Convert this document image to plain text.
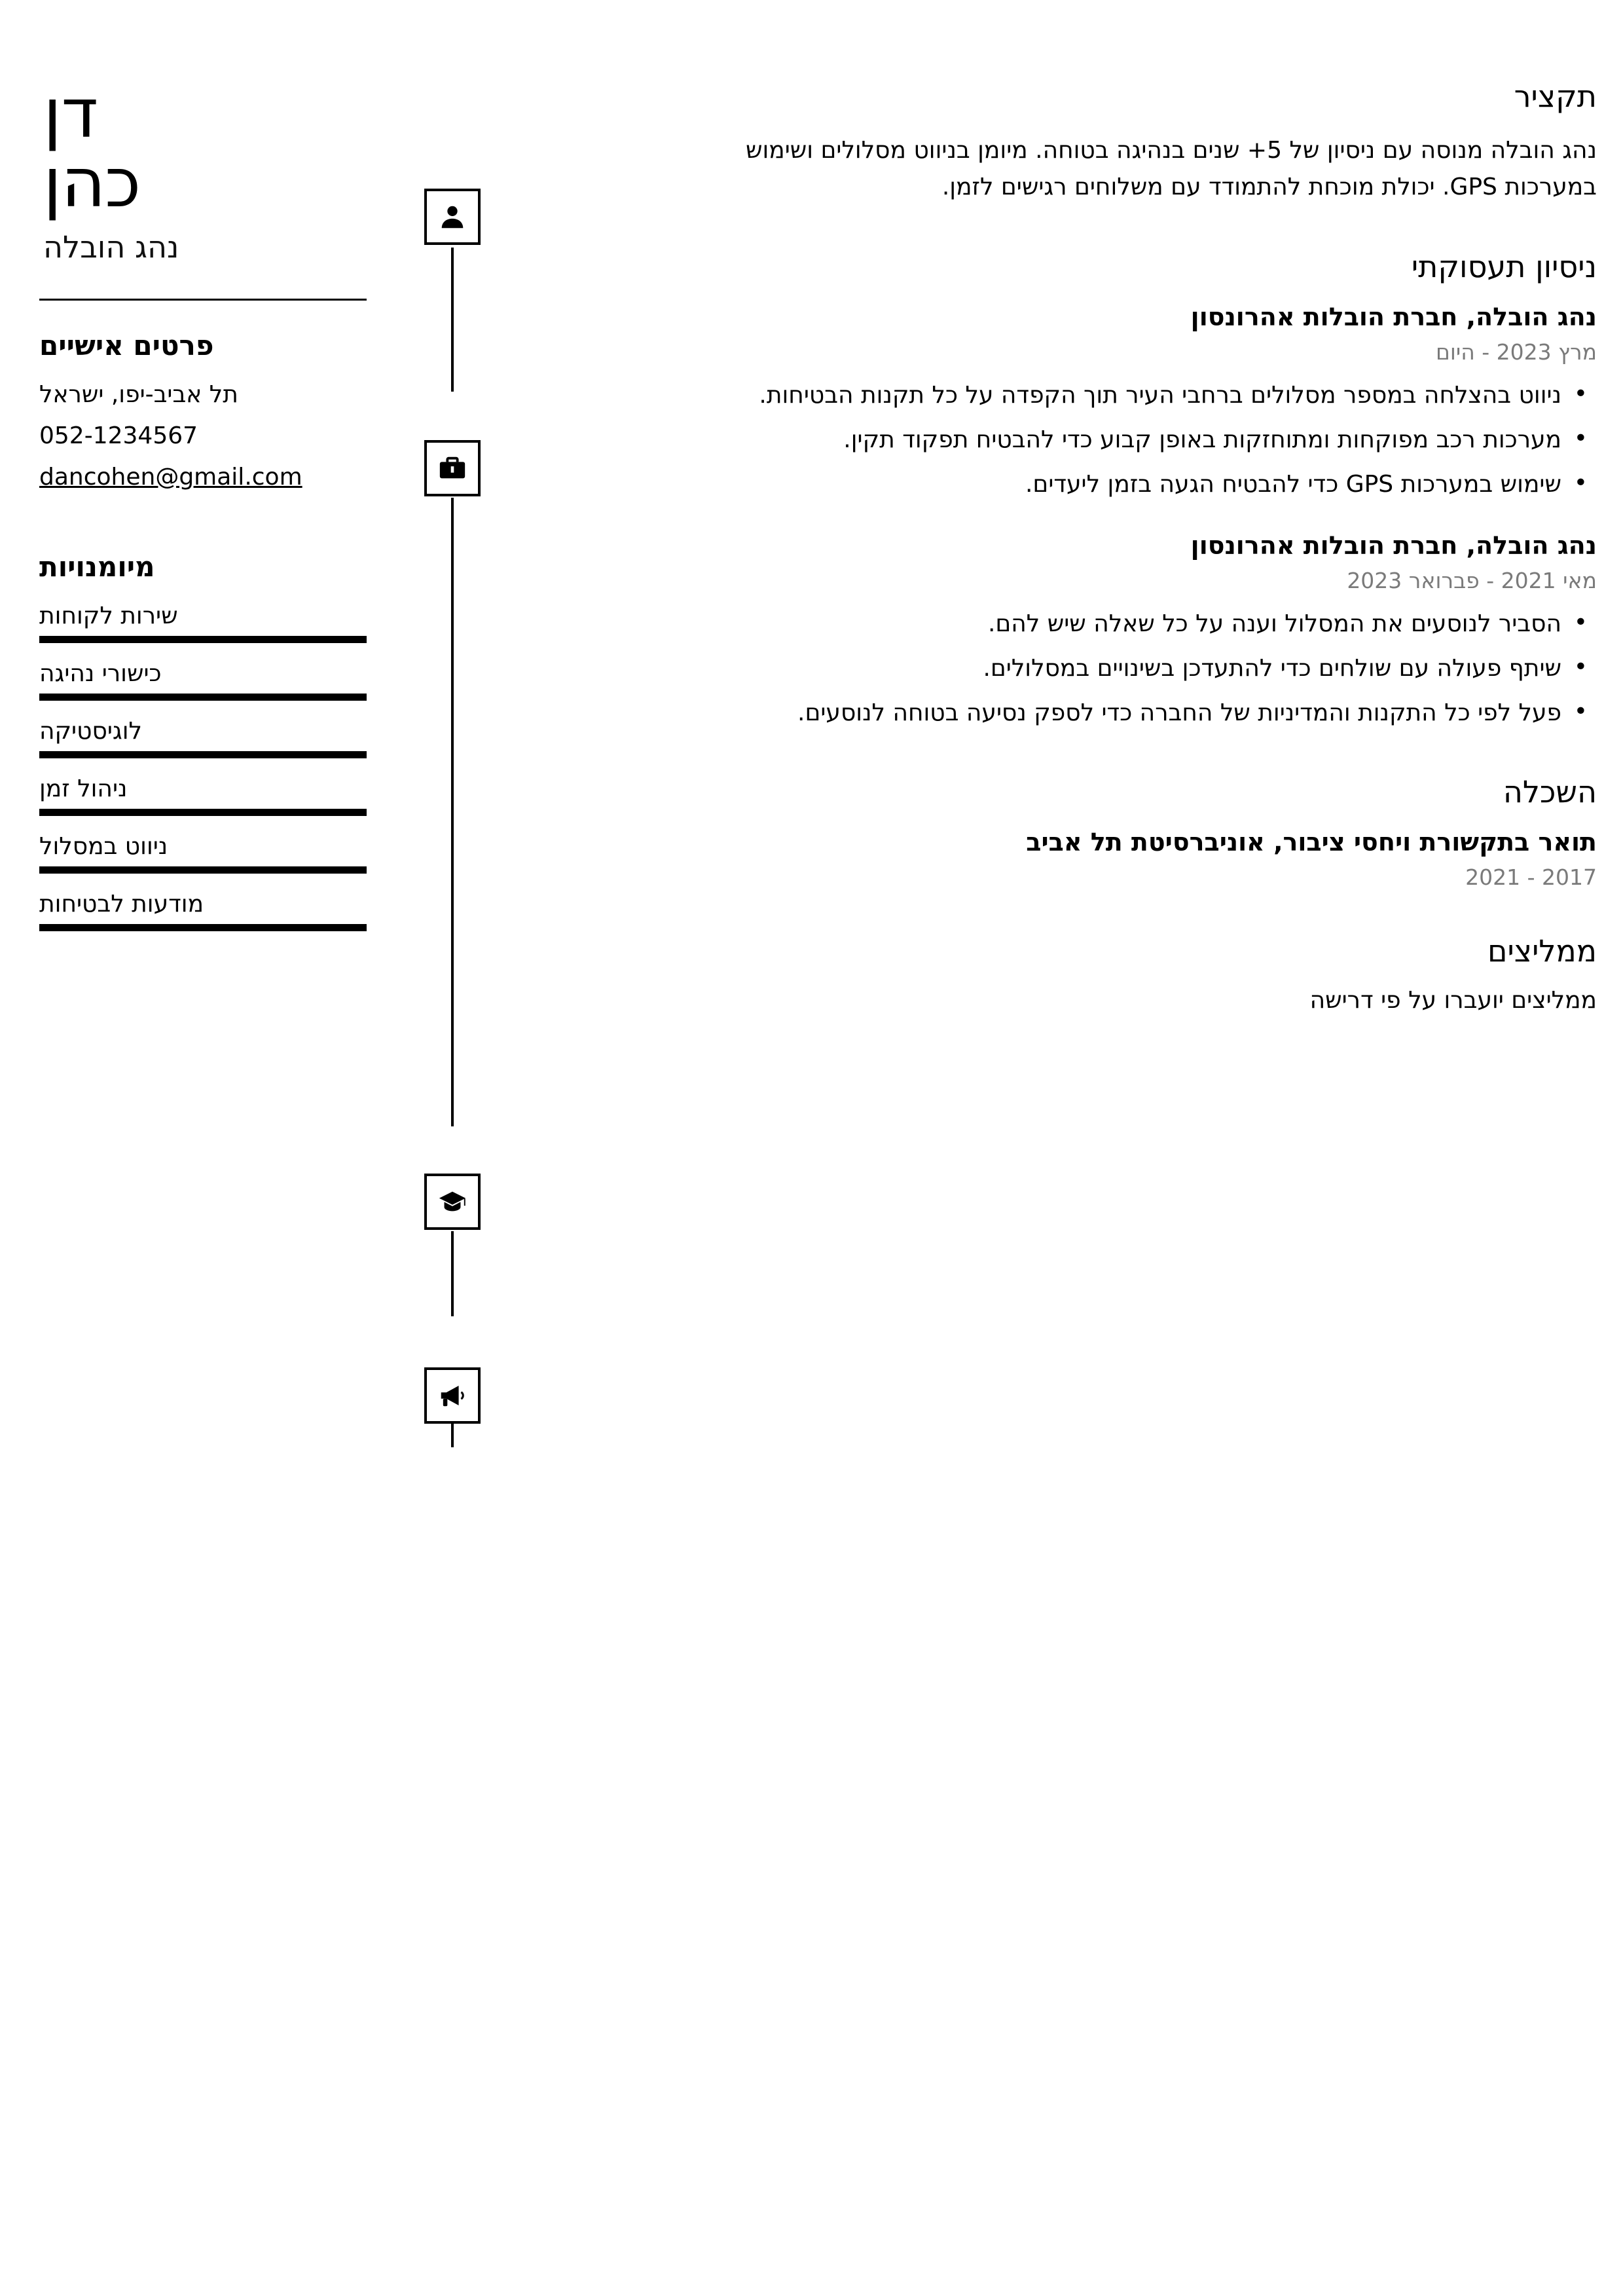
תקציר
נהג הובלה מנוסה עם ניסיון של 5+ שנים בנהיגה בטוחה. מיומן בניווט מסלולים ושימוש במערכות GPS. יכולת מוכחת להתמודד עם משלוחים רגישים לזמן.
ניסיון תעסוקתי
נהג הובלה, חברת הובלות אהרונסון
מרץ 2023 - היום
• ניווט בהצלחה במספר מסלולים ברחבי העיר תוך הקפדה על כל תקנות הבטיחות.
• מערכות רכב מפוקחות ומתוחזקות באופן קבוע כדי להבטיח תפקוד תקין.
• שימוש במערכות GPS כדי להבטיח הגעה בזמן ליעדים.
נהג הובלה, חברת הובלות אהרונסון
מאי 2021 - פברואר 2023
• הסביר לנוסעים את המסלול וענה על כל שאלה שיש להם.
• שיתף פעולה עם שולחים כדי להתעדכן בשינויים במסלולים.
• פעל לפי כל התקנות והמדיניות של החברה כדי לספק נסיעה בטוחה לנוסעים.
השכלה
תואר בתקשורת ויחסי ציבור, אוניברסיטת תל אביב
2017 - 2021
ממליצים
ממליצים יועברו על פי דרישה
דן
כהן
נהג הובלה
פרטים אישיים
תל אביב-יפו, ישראל
052-1234567
dancohen@gmail.com
מיומנויות
שירות לקוחות
כישורי נהיגה
לוגיסטיקה
ניהול זמן
ניווט במסלול
מודעות לבטיחות
